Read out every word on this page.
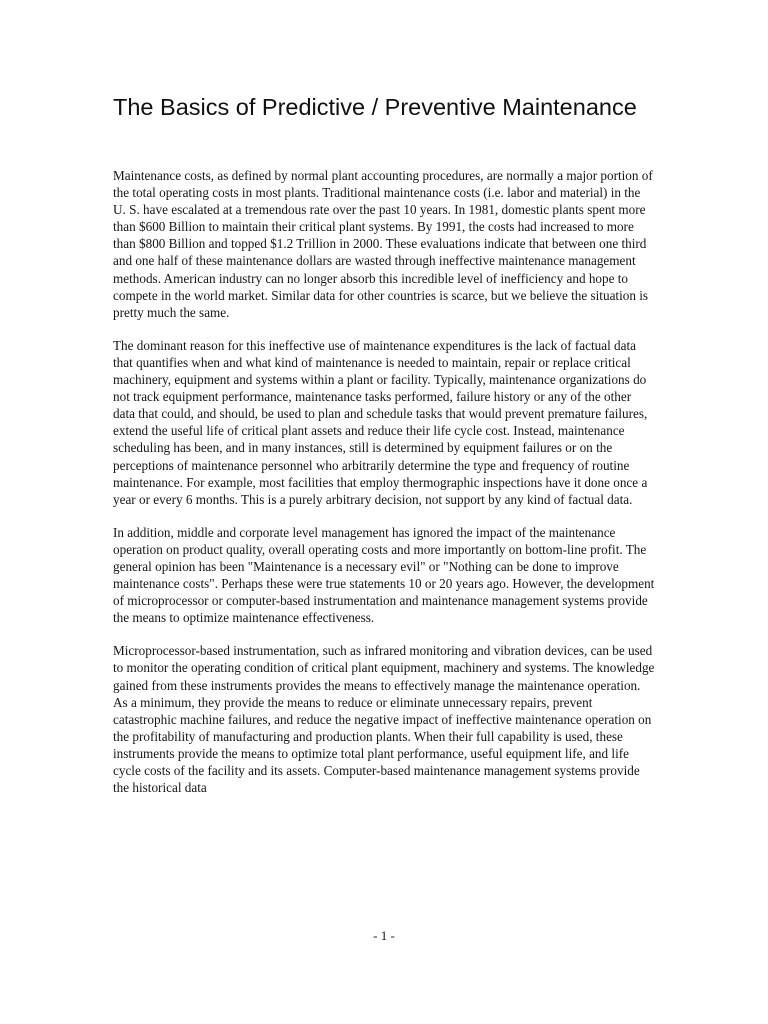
The Basics of Predictive / Preventive Maintenance

Maintenance costs, as defined by normal plant accounting procedures, are normally a major portion of the total operating costs in most plants. Traditional maintenance costs (i.e. labor and material) in the U. S. have escalated at a tremendous rate over the past 10 years. In 1981, domestic plants spent more than $600 Billion to maintain their critical plant systems. By 1991, the costs had increased to more than $800 Billion and topped $1.2 Trillion in 2000. These evaluations indicate that between one third and one half of these maintenance dollars are wasted through ineffective maintenance management methods. American industry can no longer absorb this incredible level of inefficiency and hope to compete in the world market. Similar data for other countries is scarce, but we believe the situation is pretty much the same.

The dominant reason for this ineffective use of maintenance expenditures is the lack of factual data that quantifies when and what kind of maintenance is needed to maintain, repair or replace critical machinery, equipment and systems within a plant or facility. Typically, maintenance organizations do not track equipment performance, maintenance tasks performed, failure history or any of the other data that could, and should, be used to plan and schedule tasks that would prevent premature failures, extend the useful life of critical plant assets and reduce their life cycle cost. Instead, maintenance scheduling has been, and in many instances, still is determined by equipment failures or on the perceptions of maintenance personnel who arbitrarily determine the type and frequency of routine maintenance. For example, most facilities that employ thermographic inspections have it done once a year or every 6 months. This is a purely arbitrary decision, not support by any kind of factual data.

In addition, middle and corporate level management has ignored the impact of the maintenance operation on product quality, overall operating costs and more importantly on bottom-line profit. The general opinion has been "Maintenance is a necessary evil" or "Nothing can be done to improve maintenance costs". Perhaps these were true statements 10 or 20 years ago. However, the development of microprocessor or computer-based instrumentation and maintenance management systems provide the means to optimize maintenance effectiveness.

Microprocessor-based instrumentation, such as infrared monitoring and vibration devices, can be used to monitor the operating condition of critical plant equipment, machinery and systems. The knowledge gained from these instruments provides the means to effectively manage the maintenance operation. As a minimum, they provide the means to reduce or eliminate unnecessary repairs, prevent catastrophic machine failures, and reduce the negative impact of ineffective maintenance operation on the profitability of manufacturing and production plants. When their full capability is used, these instruments provide the means to optimize total plant performance, useful equipment life, and life cycle costs of the facility and its assets. Computer-based maintenance management systems provide the historical data

- 1 -
